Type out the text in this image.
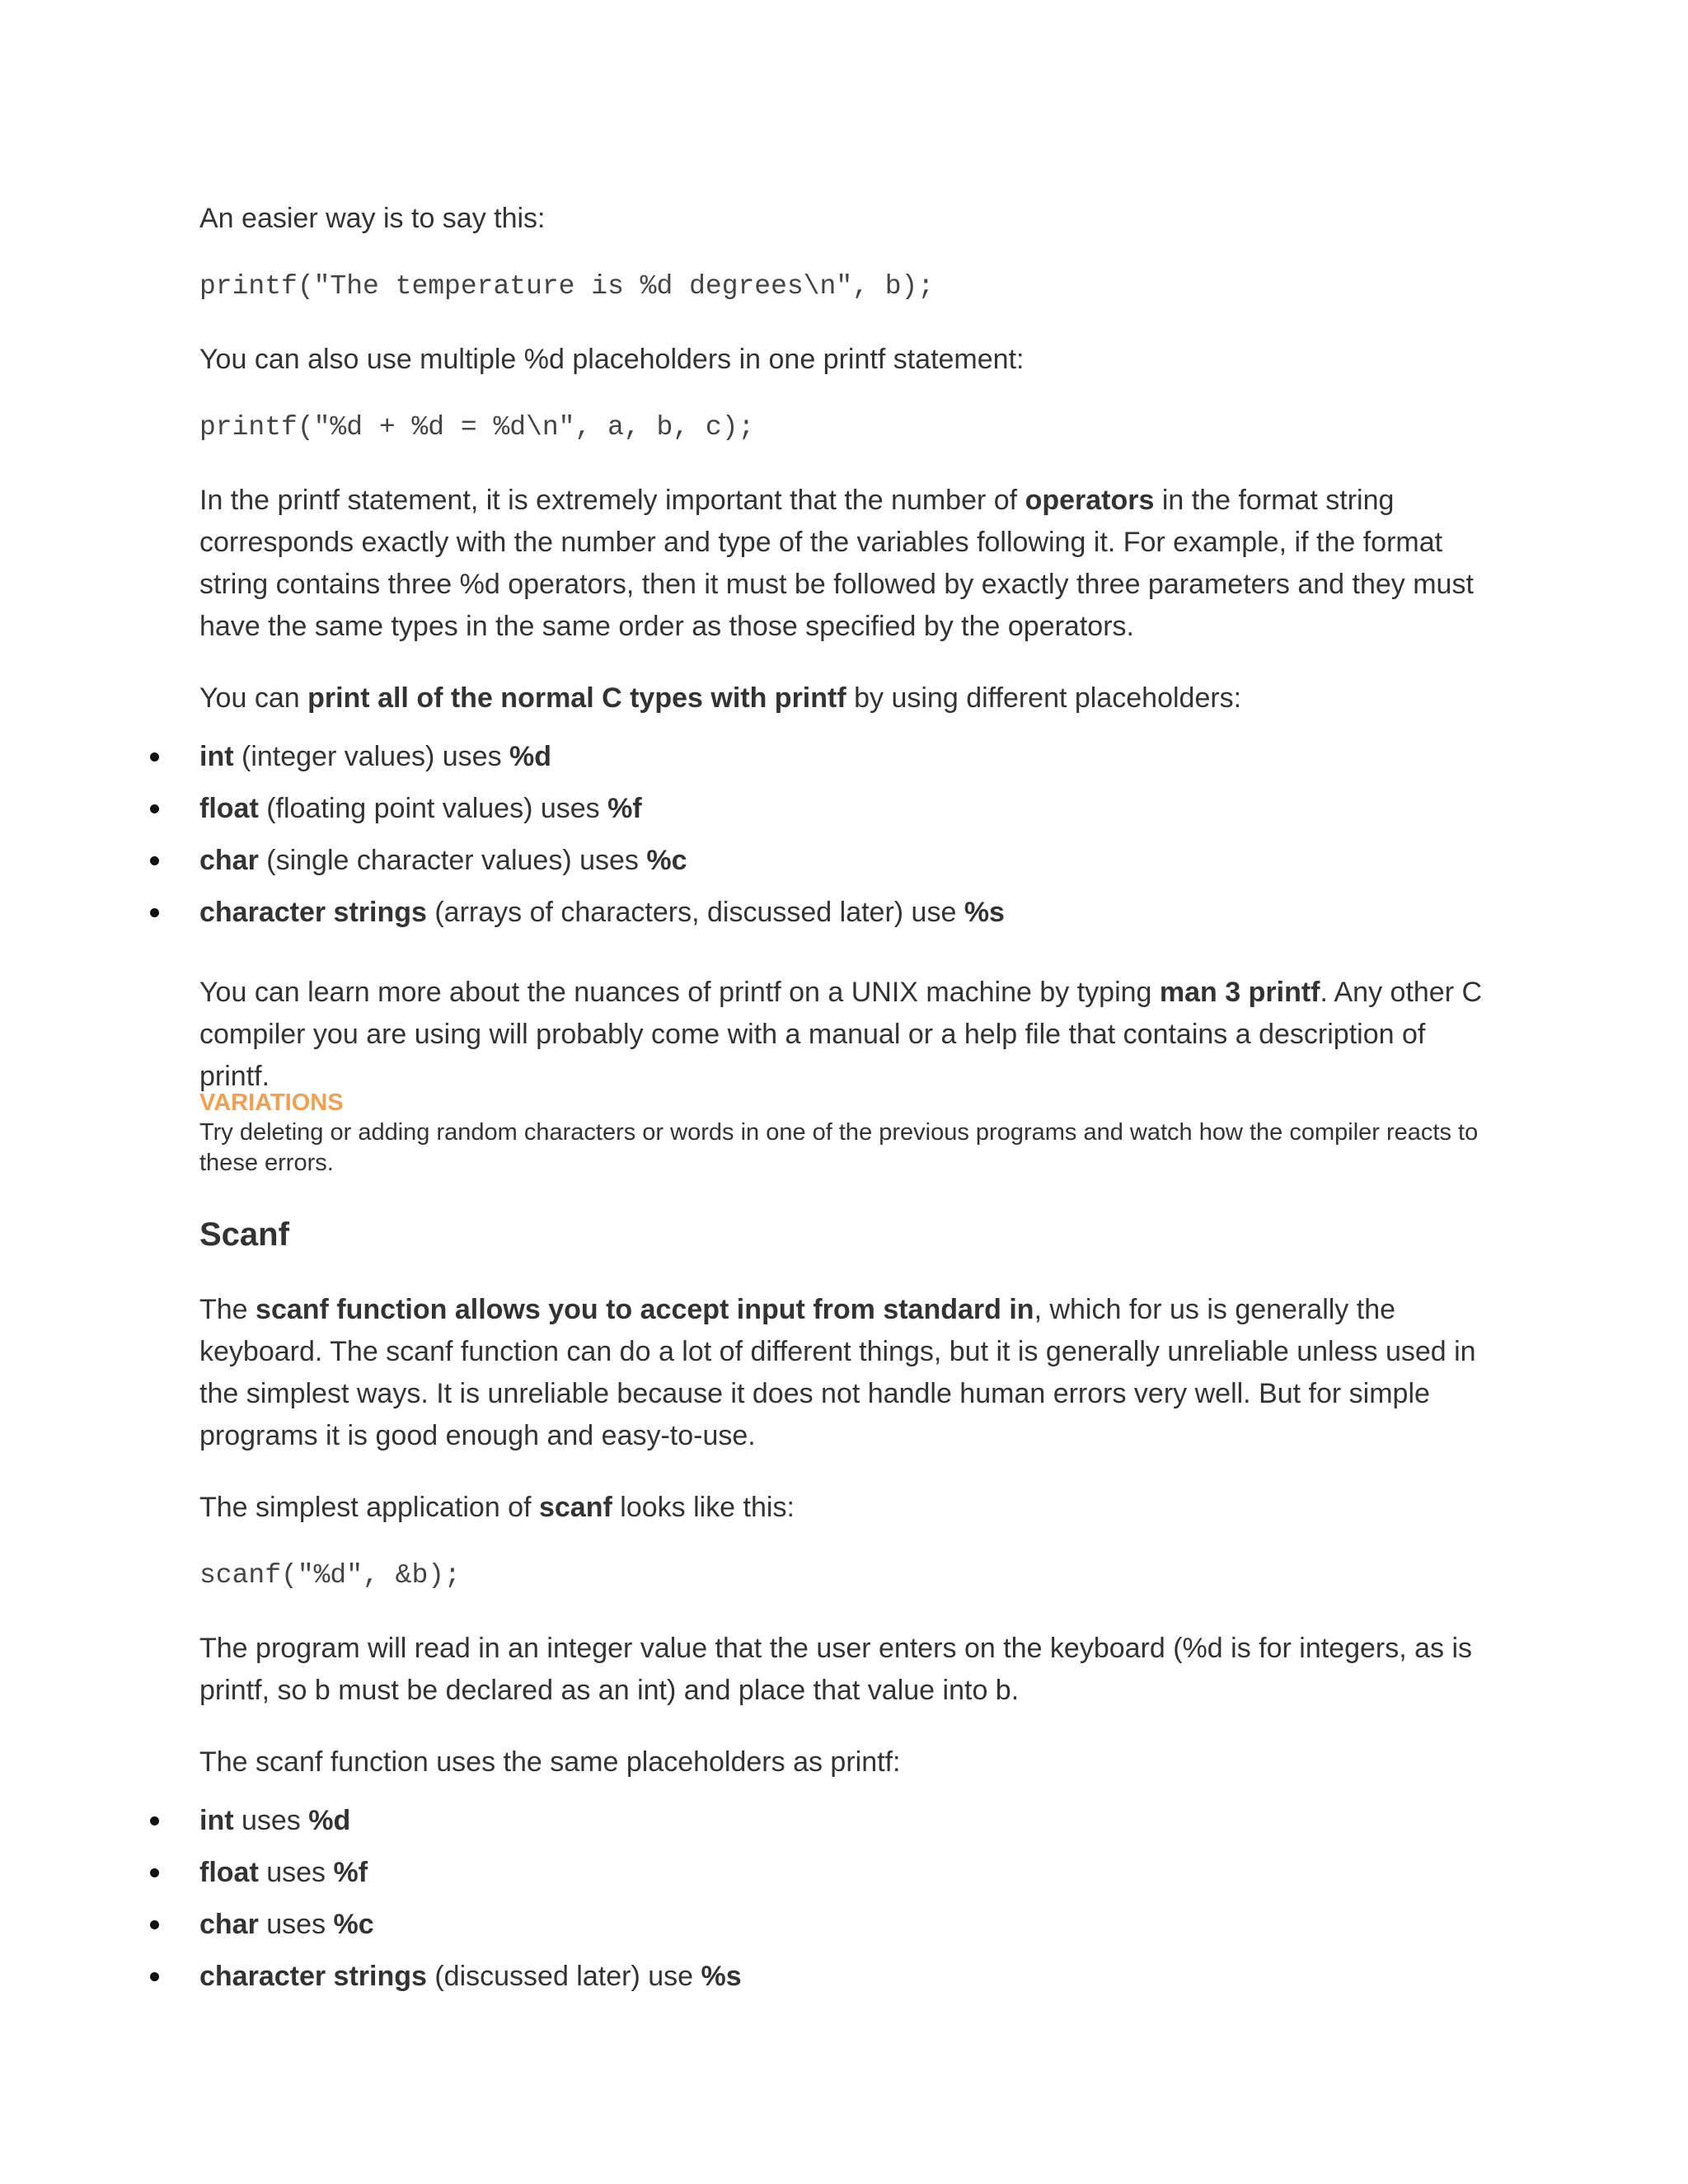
An easier way is to say this:

printf("The temperature is %d degrees\n", b);

You can also use multiple %d placeholders in one printf statement:

printf("%d + %d = %d\n", a, b, c);

In the printf statement, it is extremely important that the number of operators in the format string corresponds exactly with the number and type of the variables following it. For example, if the format string contains three %d operators, then it must be followed by exactly three parameters and they must have the same types in the same order as those specified by the operators.

You can print all of the normal C types with printf by using different placeholders:

int (integer values) uses %d
float (floating point values) uses %f
char (single character values) uses %c
character strings (arrays of characters, discussed later) use %s

You can learn more about the nuances of printf on a UNIX machine by typing man 3 printf. Any other C compiler you are using will probably come with a manual or a help file that contains a description of printf.

VARIATIONS
Try deleting or adding random characters or words in one of the previous programs and watch how the compiler reacts to these errors.
Scanf

The scanf function allows you to accept input from standard in, which for us is generally the keyboard. The scanf function can do a lot of different things, but it is generally unreliable unless used in the simplest ways. It is unreliable because it does not handle human errors very well. But for simple programs it is good enough and easy-to-use.

The simplest application of scanf looks like this:

scanf("%d", &b);

The program will read in an integer value that the user enters on the keyboard (%d is for integers, as is printf, so b must be declared as an int) and place that value into b.

The scanf function uses the same placeholders as printf:

int uses %d
float uses %f
char uses %c
character strings (discussed later) use %s
